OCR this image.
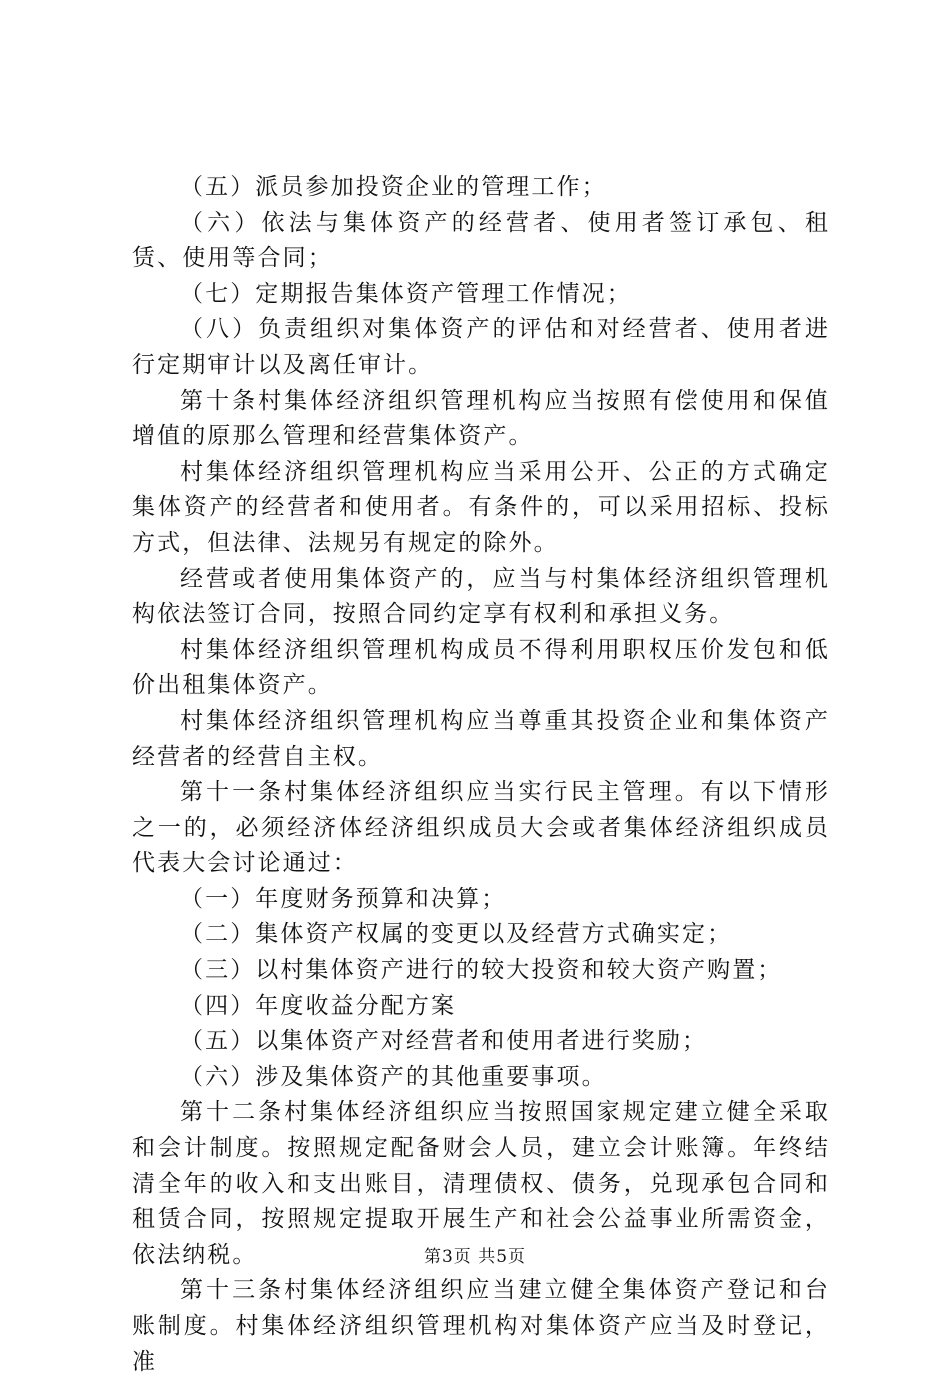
（五）派员参加投资企业的管理工作；

（六）依法与集体资产的经营者、使用者签订承包、租赁、使用等合同；

（七）定期报告集体资产管理工作情况；

（八）负责组织对集体资产的评估和对经营者、使用者进行定期审计以及离任审计。

第十条村集体经济组织管理机构应当按照有偿使用和保值增值的原那么管理和经营集体资产。

村集体经济组织管理机构应当采用公开、公正的方式确定集体资产的经营者和使用者。有条件的，可以采用招标、投标方式，但法律、法规另有规定的除外。

经营或者使用集体资产的，应当与村集体经济组织管理机构依法签订合同，按照合同约定享有权利和承担义务。

村集体经济组织管理机构成员不得利用职权压价发包和低价出租集体资产。

村集体经济组织管理机构应当尊重其投资企业和集体资产经营者的经营自主权。

第十一条村集体经济组织应当实行民主管理。有以下情形之一的，必须经济体经济组织成员大会或者集体经济组织成员代表大会讨论通过：

（一）年度财务预算和决算；

（二）集体资产权属的变更以及经营方式确实定；

（三）以村集体资产进行的较大投资和较大资产购置；

（四）年度收益分配方案

（五）以集体资产对经营者和使用者进行奖励；

（六）涉及集体资产的其他重要事项。

第十二条村集体经济组织应当按照国家规定建立健全采取和会计制度。按照规定配备财会人员，建立会计账簿。年终结清全年的收入和支出账目，清理债权、债务，兑现承包合同和租赁合同，按照规定提取开展生产和社会公益事业所需资金，依法纳税。

第十三条村集体经济组织应当建立健全集体资产登记和台账制度。村集体经济组织管理机构对集体资产应当及时登记，准

第3页 共5页
